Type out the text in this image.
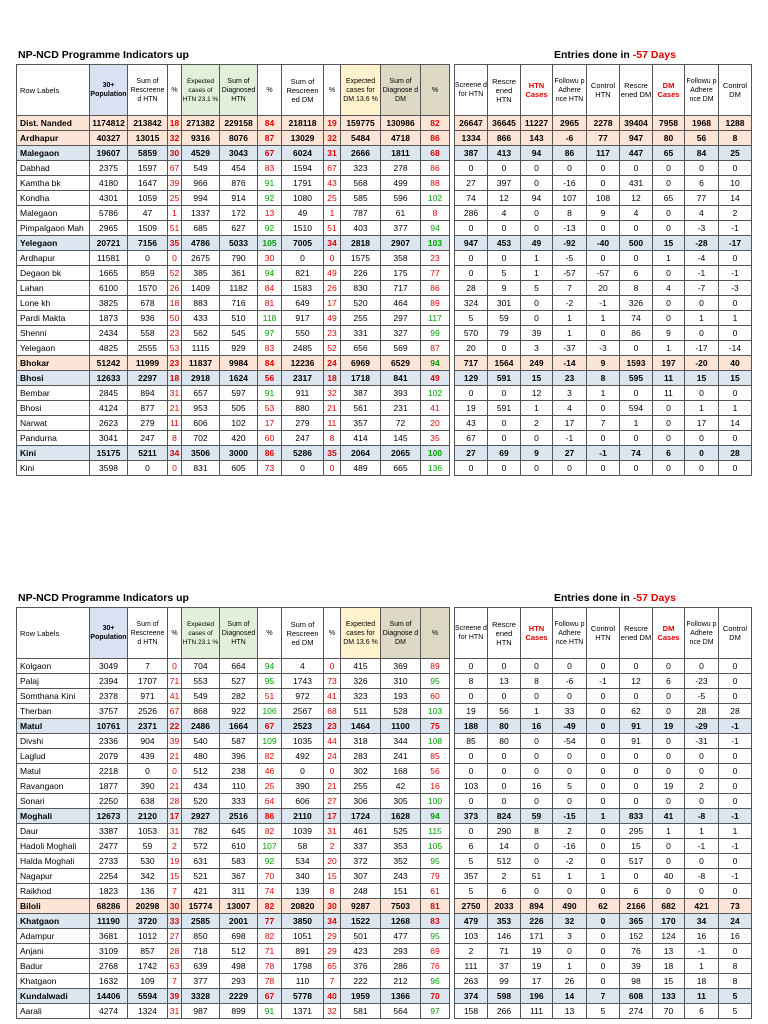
NP-NCD Programme Indicators up	Entries done in -57 Days
Row Labels	30+ Population	Sum of Rescreene d HTN	%	Expected cases of HTN 23.1 %	Sum of Diagnosed HTN	%	Sum of Rescreen ed DM	%	Expected cases for DM 13.6 %	Sum of Diagnose d DM	%
Dist. Nanded	1174812	213842	18	271382	229158	84	218118	19	159775	130986	82
Ardhapur	40327	13015	32	9316	8076	87	13029	32	5484	4718	86
Malegaon	19607	5859	30	4529	3043	67	6024	31	2666	1811	68
Dabhad	2375	1597	67	549	454	83	1594	67	323	278	86
Kamtha bk	4180	1647	39	966	876	91	1791	43	568	499	88
Kondha	4301	1059	25	994	914	92	1080	25	585	596	102
Malegaon	5786	47	1	1337	172	13	49	1	787	61	8
Pimpalgaon Mah	2965	1509	51	685	627	92	1510	51	403	377	94
Yelegaon	20721	7156	35	4786	5033	105	7005	34	2818	2907	103
Ardhapur	11581	0	0	2675	790	30	0	0	1575	358	23
Degaon bk	1665	859	52	385	361	94	821	49	226	175	77
Lahan	6100	1570	26	1409	1182	84	1583	26	830	717	86
Lone kh	3825	678	18	883	716	81	649	17	520	464	89
Pardi Makta	1873	936	50	433	510	118	917	49	255	297	117
Shenni	2434	558	23	562	545	97	550	23	331	327	99
Yelegaon	4825	2555	53	1115	929	83	2485	52	656	569	87
Bhokar	51242	11999	23	11837	9984	84	12236	24	6969	6529	94
Bhosi	12633	2297	18	2918	1624	56	2317	18	1718	841	49
Bembar	2845	894	31	657	597	91	911	32	387	393	102
Bhosi	4124	877	21	953	505	53	880	21	561	231	41
Narwat	2623	279	11	606	102	17	279	11	357	72	20
Pandurna	3041	247	8	702	420	60	247	8	414	145	35
Kini	15175	5211	34	3506	3000	86	5286	35	2064	2065	100
Kini	3598	0	0	831	605	73	0	0	489	665	136
Screene d for HTN	Rescre ened HTN	HTN Cases	Followu p Adhere nce HTN	Control HTN	Rescre ened DM	DM Cases	Followu p Adhere nce DM	Control DM
26647	36645	11227	2965	2278	39404	7958	1968	1288
1334	866	143	-6	77	947	80	56	8
387	413	94	86	117	447	65	84	25
0	0	0	0	0	0	0	0	0
27	397	0	-16	0	431	0	6	10
74	12	94	107	108	12	65	77	14
286	4	0	8	9	4	0	4	2
0	0	0	-13	0	0	0	-3	-1
947	453	49	-92	-40	500	15	-28	-17
0	0	1	-5	0	0	1	-4	0
0	5	1	-57	-57	6	0	-1	-1
28	9	5	7	20	8	4	-7	-3
324	301	0	-2	-1	326	0	0	0
5	59	0	1	1	74	0	1	1
570	79	39	1	0	86	9	0	0
20	0	3	-37	-3	0	1	-17	-14
717	1564	249	-14	9	1593	197	-20	40
129	591	15	23	8	595	11	15	15
0	0	12	3	1	0	11	0	0
19	591	1	4	0	594	0	1	1
43	0	2	17	7	1	0	17	14
67	0	0	-1	0	0	0	0	0
27	69	9	27	-1	74	6	0	28
0	0	0	0	0	0	0	0	0
NP-NCD Programme Indicators up	Entries done in -57 Days
Row Labels	30+ Population	Sum of Rescreene d HTN	%	Expected cases of HTN 23.1 %	Sum of Diagnosed HTN	%	Sum of Rescreen ed DM	%	Expected cases for DM 13.6 %	Sum of Diagnose d DM	%
Kolgaon	3049	7	0	704	664	94	4	0	415	369	89
Palaj	2394	1707	71	553	527	95	1743	73	326	310	95
Somthana Kini	2378	971	41	549	282	51	972	41	323	193	60
Therban	3757	2526	67	868	922	106	2567	68	511	528	103
Matul	10761	2371	22	2486	1664	67	2523	23	1464	1100	75
Divshi	2336	904	39	540	587	109	1035	44	318	344	108
Laglud	2079	439	21	480	396	82	492	24	283	241	85
Matul	2218	0	0	512	238	46	0	0	302	168	56
Ravangaon	1877	390	21	434	110	25	390	21	255	42	16
Sonari	2250	638	28	520	333	64	606	27	306	305	100
Moghali	12673	2120	17	2927	2516	86	2110	17	1724	1628	94
Daur	3387	1053	31	782	645	82	1039	31	461	525	115
Hadoli Moghali	2477	59	2	572	610	107	58	2	337	353	105
Halda Moghali	2733	530	19	631	583	92	534	20	372	352	95
Nagapur	2254	342	15	521	367	70	340	15	307	243	79
Raikhod	1823	136	7	421	311	74	139	8	248	151	61
Biloli	68286	20298	30	15774	13007	82	20820	30	9287	7503	81
Khatgaon	11190	3720	33	2585	2001	77	3850	34	1522	1268	83
Adampur	3681	1012	27	850	698	82	1051	29	501	477	95
Anjani	3109	857	28	718	512	71	891	29	423	293	69
Badur	2768	1742	63	639	498	78	1798	65	376	286	76
Khatgaon	1632	109	7	377	293	78	110	7	222	212	96
Kundalwadi	14406	5594	39	3328	2229	67	5778	40	1959	1366	70
Aarali	4274	1324	31	987	899	91	1371	32	581	564	97
Screene d for HTN	Rescre ened HTN	HTN Cases	Followu p Adhere nce HTN	Control HTN	Rescre ened DM	DM Cases	Followu p Adhere nce DM	Control DM
0	0	0	0	0	0	0	0	0
8	13	8	-6	-1	12	6	-23	0
0	0	0	0	0	0	0	-5	0
19	56	1	33	0	62	0	28	28
188	80	16	-49	0	91	19	-29	-1
85	80	0	-54	0	91	0	-31	-1
0	0	0	0	0	0	0	0	0
0	0	0	0	0	0	0	0	0
103	0	16	5	0	0	19	2	0
0	0	0	0	0	0	0	0	0
373	824	59	-15	1	833	41	-8	-1
0	290	8	2	0	295	1	1	1
6	14	0	-16	0	15	0	-1	-1
5	512	0	-2	0	517	0	0	0
357	2	51	1	1	0	40	-8	-1
5	6	0	0	0	6	0	0	0
2750	2033	894	490	62	2166	682	421	73
479	353	226	32	0	365	170	34	24
103	146	171	3	0	152	124	16	16
2	71	19	0	0	76	13	-1	0
111	37	19	1	0	39	18	1	8
263	99	17	26	0	98	15	18	8
374	598	196	14	7	608	133	11	5
158	266	111	13	5	274	70	6	5
